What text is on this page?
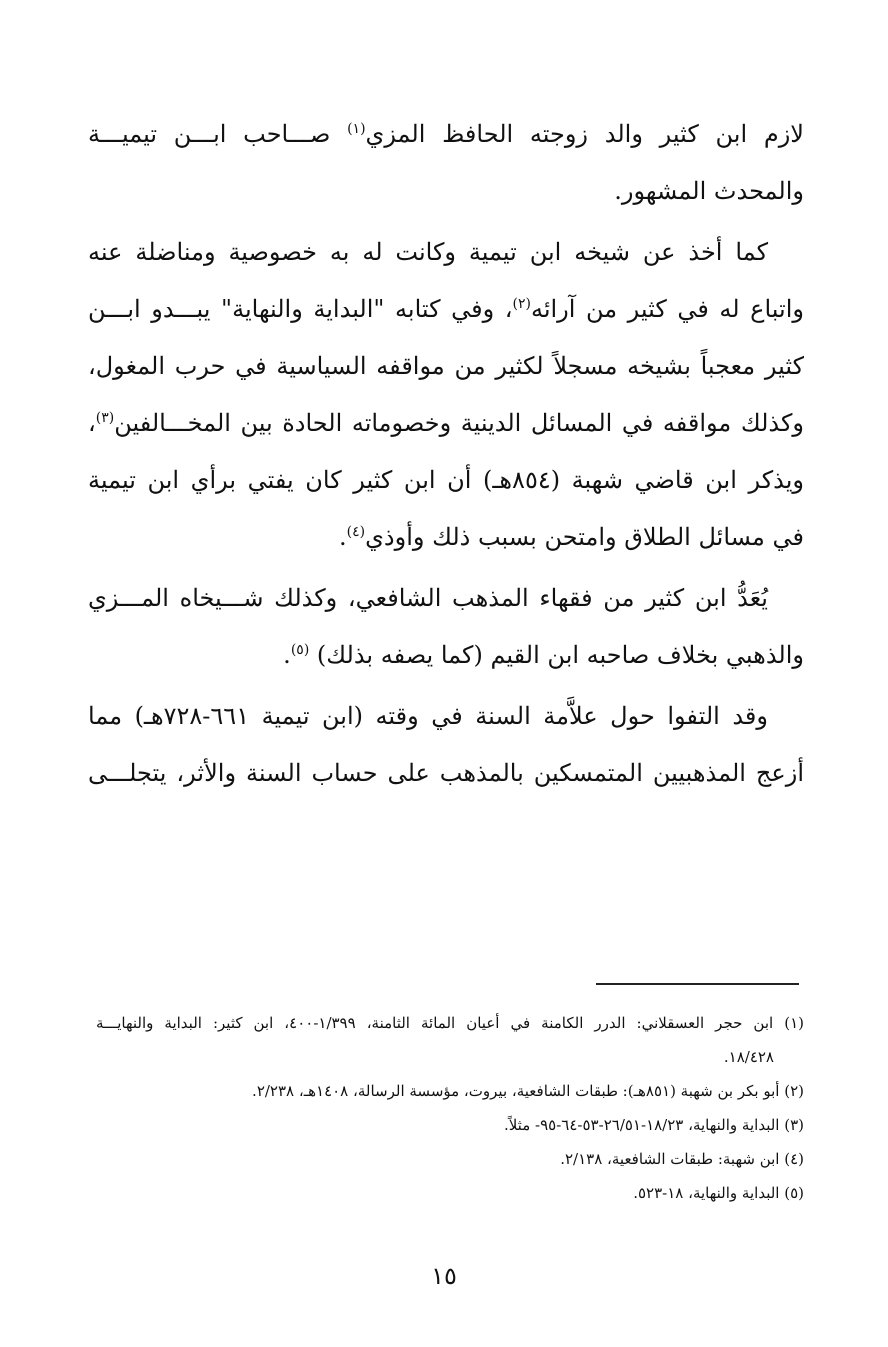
لازم ابن كثير والد زوجته الحافظ المزي$^{(١)}$ صـــاحب ابـــن تيميـــة
والمحدث المشهور.
كما أخذ عن شيخه ابن تيمية وكانت له به خصوصية ومناضلة عنه
واتباع له في كثير من آرائه$^{(٢)}$، وفي كتابه "البداية والنهاية" يبـــدو ابـــن
كثير معجباً بشيخه مسجلاً لكثير من مواقفه السياسية في حرب المغول،
وكذلك مواقفه في المسائل الدينية وخصوماته الحادة بين المخـــالفين$^{(٣)}$،
ويذكر ابن قاضي شهبة (٨٥٤هـ) أن ابن كثير كان يفتي برأي ابن تيمية
في مسائل الطلاق وامتحن بسبب ذلك وأوذي$^{(٤)}$.
يُعَدُّ ابن كثير من فقهاء المذهب الشافعي، وكذلك شـــيخاه المـــزي
والذهبي بخلاف صاحبه ابن القيم (كما يصفه بذلك) $^{(٥)}$.
وقد التفوا حول علاَّمة السنة في وقته (ابن تيمية ٦٦١-٧٢٨هـ) مما
أزعج المذهبيين المتمسكين بالمذهب على حساب السنة والأثر، يتجلـــى
(١) ابن حجر العسقلاني: الدرر الكامنة في أعيان المائة الثامنة، ١/٣٩٩-٤٠٠، ابن كثير: البداية والنهايـــة
١٨/٤٢٨.
(٢) أبو بكر بن شهبة (٨٥١هـ): طبقات الشافعية، بيروت، مؤسسة الرسالة، ١٤٠٨هـ، ٢/٢٣٨.
(٣) البداية والنهاية، ١٨/٢٣-٢٦/٥١-٥٣-٦٤-٩٥- مثلاً.
(٤) ابن شهبة: طبقات الشافعية، ٢/١٣٨.
(٥) البداية والنهاية، ١٨-٥٢٣.
١٥
